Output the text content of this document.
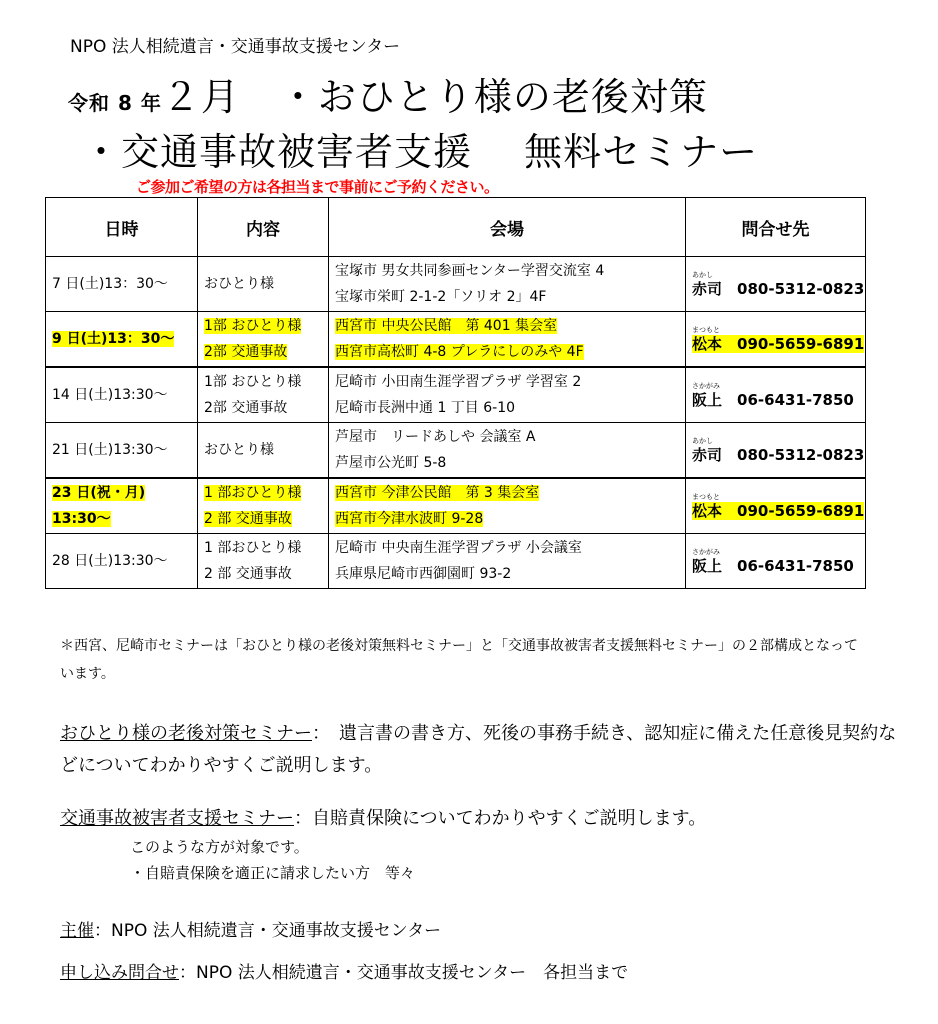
NPO 法人相続遺言・交通事故支援センター
令和 8 年２月　 ・おひとり様の老後対策
・交通事故被害者支援　 無料セミナー
ご参加ご希望の方は各担当まで事前にご予約ください。
日時	内容	会場	問合せ先

7 日(土)13：30～	おひとり様	宝塚市 男女共同参画センター学習交流室 4
宝塚市栄町 2-1-2「ソリオ 2」4F	あかし
赤司　 080-5312-0823

9 日(土)13：30～	1部 おひとり様
2部 交通事故	西宮市 中央公民館　第 401 集会室
西宮市高松町 4-8 プレラにしのみや 4F	まつもと
松本　 090-5659-6891

14 日(土)13:30～	1部 おひとり様
2部 交通事故	尼崎市 小田南生涯学習プラザ 学習室 2
尼崎市長洲中通 1 丁目 6-10	さかがみ
阪上　 06-6431-7850

21 日(土)13:30～	おひとり様	芦屋市　リードあしや 会議室 A
芦屋市公光町 5-8	あかし
赤司　 080-5312-0823

23 日(祝・月)
13:30～	1 部おひとり様
2 部 交通事故	西宮市 今津公民館　第 3 集会室
西宮市今津水波町 9-28	まつもと
松本　 090-5659-6891

28 日(土)13:30～	1 部おひとり様
2 部 交通事故	尼崎市 中央南生涯学習プラザ 小会議室
兵庫県尼崎市西御園町 93-2	さかがみ
阪上　 06-6431-7850
＊西宮、尼崎市セミナーは「おひとり様の老後対策無料セミナー」と「交通事故被害者支援無料セミナー」の２部構成となっています。
おひとり様の老後対策セミナー：　遺言書の書き方、死後の事務手続き、認知症に備えた任意後見契約などについてわかりやすくご説明します。
交通事故被害者支援セミナー：自賠責保険についてわかりやすくご説明します。
このような方が対象です。
・自賠責保険を適正に請求したい方　等々
主催：NPO 法人相続遺言・交通事故支援センター
申し込み問合せ：NPO 法人相続遺言・交通事故支援センター　各担当まで
